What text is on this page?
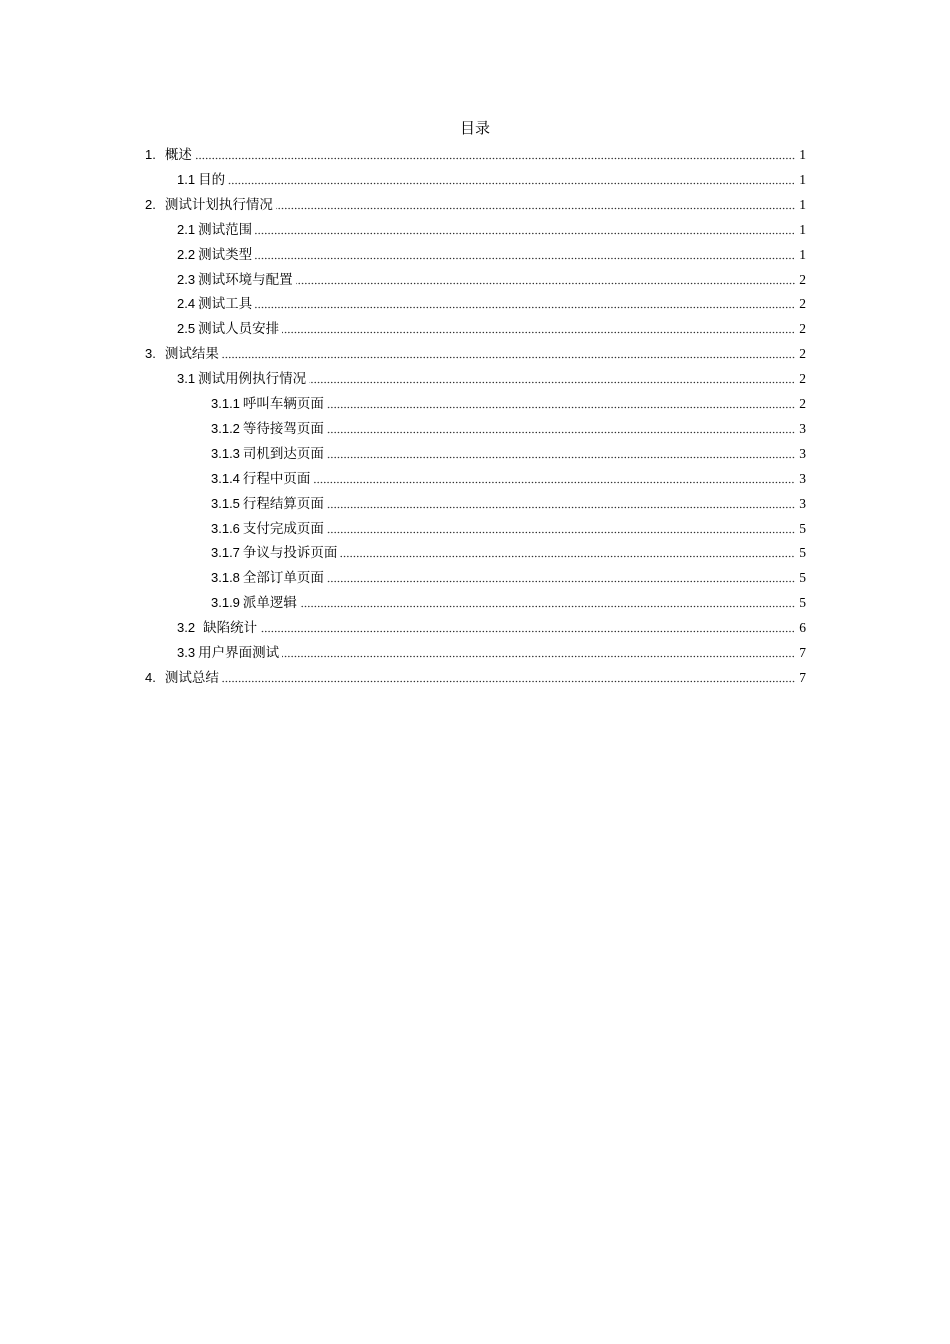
目录
1. 概述	1
1.1 目的	1
2. 测试计划执行情况	1
2.1 测试范围	1
2.2 测试类型	1
2.3 测试环境与配置	2
2.4 测试工具	2
2.5 测试人员安排	2
3. 测试结果	2
3.1 测试用例执行情况	2
3.1.1 呼叫车辆页面	2
3.1.2 等待接驾页面	3
3.1.3 司机到达页面	3
3.1.4 行程中页面	3
3.1.5 行程结算页面	3
3.1.6 支付完成页面	5
3.1.7 争议与投诉页面	5
3.1.8 全部订单页面	5
3.1.9 派单逻辑	5
3.2 缺陷统计	6
3.3 用户界面测试	7
4. 测试总结	7
